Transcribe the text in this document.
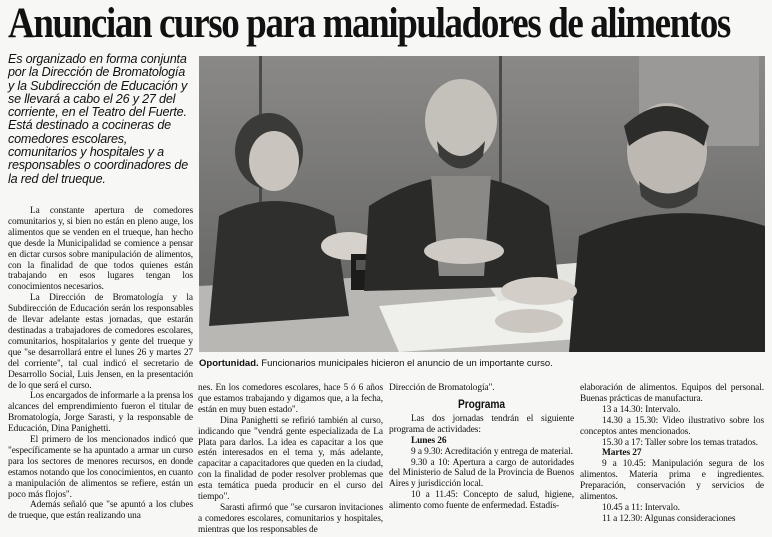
Anuncian curso para manipuladores de alimentos
Es organizado en forma conjunta por la Dirección de Bromatología y la Subdirección de Educación y se llevará a cabo el 26 y 27 del corriente, en el Teatro del Fuerte. Está destinado a cocineras de comedores escolares, comunitarios y hospitales y a responsables o coordinadores de la red del trueque.
Oportunidad. Funcionarios municipales hicieron el anuncio de un importante curso.

La constante apertura de comedores comunitarios y, si bien no están en pleno auge, los alimentos que se venden en el trueque, han hecho que desde la Municipalidad se comience a pensar en dictar cursos sobre manipulación de alimentos, con la finalidad de que todos quienes están trabajando en esos lugares tengan los conocimientos necesarios.

La Dirección de Bromatología y la Subdirección de Educación serán los responsables de llevar adelante estas jornadas, que estarán destinadas a trabajadores de comedores escolares, comunitarios, hospitalarios y gente del trueque y que "se desarrollará entre el lunes 26 y martes 27 del corriente", tal cual indicó el secretario de Desarrollo Social, Luis Jensen, en la presentación de lo que será el curso.

Los encargados de informarle a la prensa los alcances del emprendimiento fueron el titular de Bromatología, Jorge Sarasti, y la responsable de Educación, Dina Panighetti.

El primero de los mencionados indicó que "específicamente se ha apuntado a armar un curso para los sectores de menores recursos, en donde estamos notando que los conocimientos, en cuanto a manipulación de alimentos se refiere, están un poco más flojos".

Además señaló que "se apuntó a los clubes de trueque, que están realizando una

nes. En los comedores escolares, hace 5 ó 6 años que estamos trabajando y digamos que, a la fecha, están en muy buen estado".

Dina Panighetti se refirió también al curso, indicando que "vendrá gente especializada de La Plata para darlos. La idea es capacitar a los que estén interesados en el tema y, más adelante, capacitar a capacitadores que queden en la ciudad, con la finalidad de poder resolver problemas que esta temática pueda producir en el curso del tiempo".

Sarasti afirmó que "se cursaron invitaciones a comedores escolares, comunitarios y hospitales, mientras que los responsables de

Dirección de Bromatología".

Programa

Las dos jornadas tendrán el siguiente programa de actividades:

Lunes 26

9 a 9.30: Acreditación y entrega de material.

9.30 a 10: Apertura a cargo de autoridades del Ministerio de Salud de la Provincia de Buenos Aires y jurisdicción local.

10 a 11.45: Concepto de salud, higiene, alimento como fuente de enfermedad. Estadís-

elaboración de alimentos. Equipos del personal. Buenas prácticas de manufactura.

13 a 14.30: Intervalo.

14.30 a 15.30: Video ilustrativo sobre los conceptos antes mencionados.

15.30 a 17: Taller sobre los temas tratados.

Martes 27

9 a 10.45: Manipulación segura de los alimentos. Materia prima e ingredientes. Preparación, conservación y servicios de alimentos.

10.45 a 11: Intervalo.

11 a 12.30: Algunas consideraciones
